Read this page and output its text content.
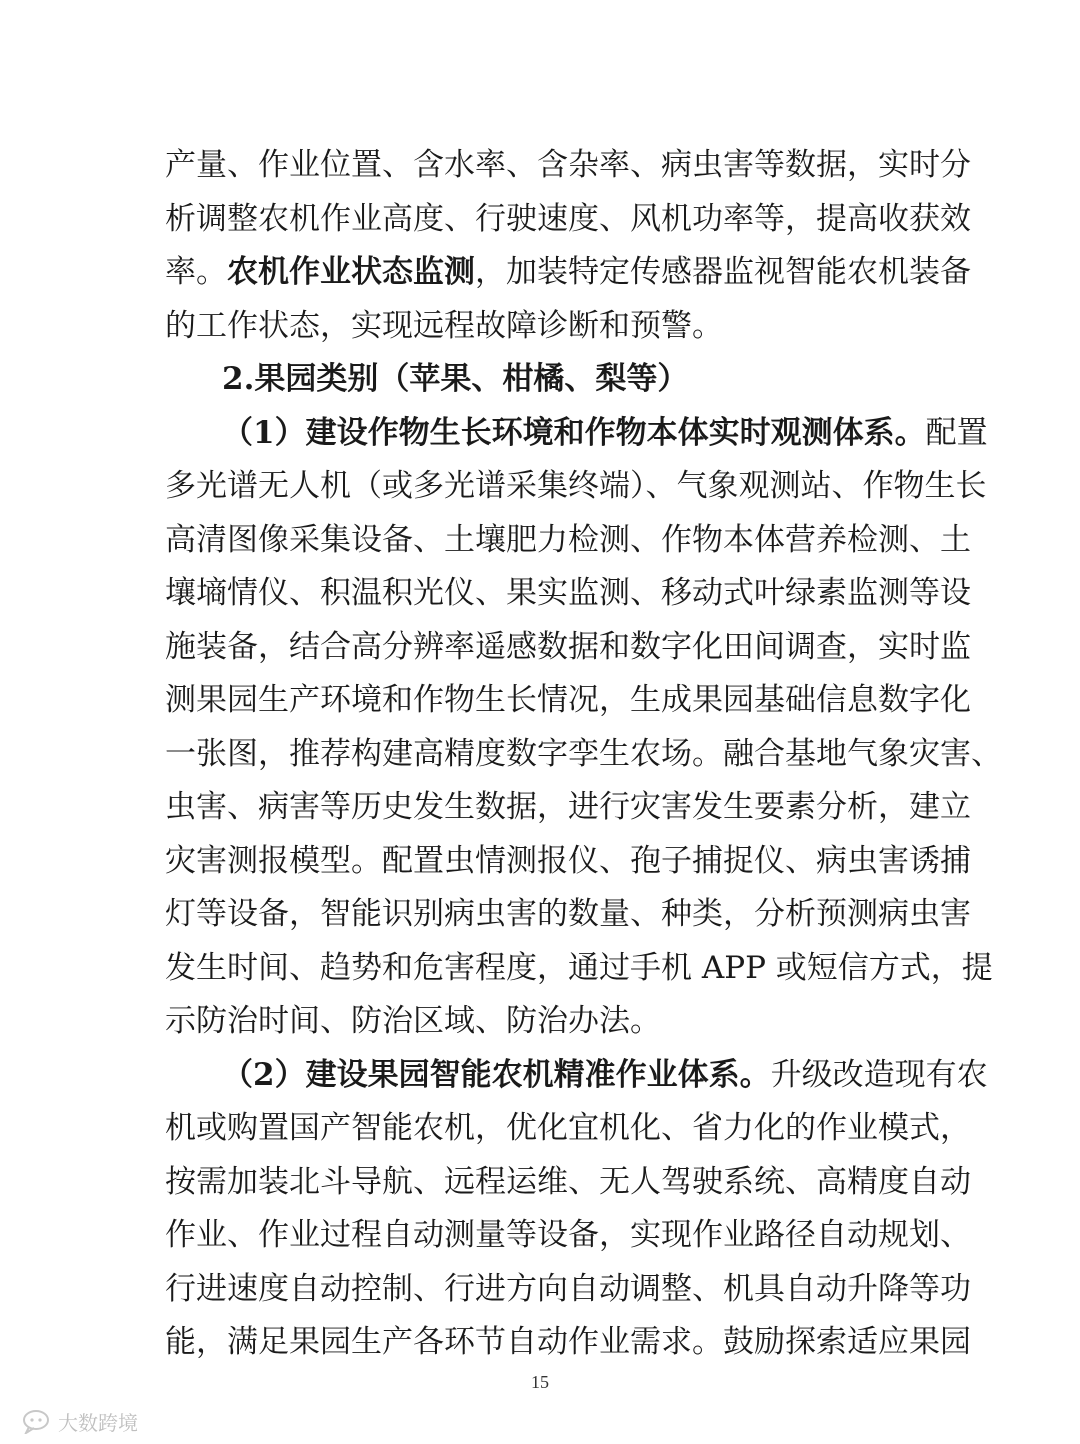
产量、作业位置、含水率、含杂率、病虫害等数据，实时分
析调整农机作业高度、行驶速度、风机功率等，提高收获效
率。农机作业状态监测，加装特定传感器监视智能农机装备
的工作状态，实现远程故障诊断和预警。
2.果园类别（苹果、柑橘、梨等）
（1）建设作物生长环境和作物本体实时观测体系。配置
多光谱无人机（或多光谱采集终端）、气象观测站、作物生长
高清图像采集设备、土壤肥力检测、作物本体营养检测、土
壤墒情仪、积温积光仪、果实监测、移动式叶绿素监测等设
施装备，结合高分辨率遥感数据和数字化田间调查，实时监
测果园生产环境和作物生长情况，生成果园基础信息数字化
一张图，推荐构建高精度数字孪生农场。融合基地气象灾害、
虫害、病害等历史发生数据，进行灾害发生要素分析，建立
灾害测报模型。配置虫情测报仪、孢子捕捉仪、病虫害诱捕
灯等设备，智能识别病虫害的数量、种类，分析预测病虫害
发生时间、趋势和危害程度，通过手机 APP 或短信方式，提
示防治时间、防治区域、防治办法。
（2）建设果园智能农机精准作业体系。升级改造现有农
机或购置国产智能农机，优化宜机化、省力化的作业模式，
按需加装北斗导航、远程运维、无人驾驶系统、高精度自动
作业、作业过程自动测量等设备，实现作业路径自动规划、
行进速度自动控制、行进方向自动调整、机具自动升降等功
能，满足果园生产各环节自动作业需求。鼓励探索适应果园
15
大数跨境
